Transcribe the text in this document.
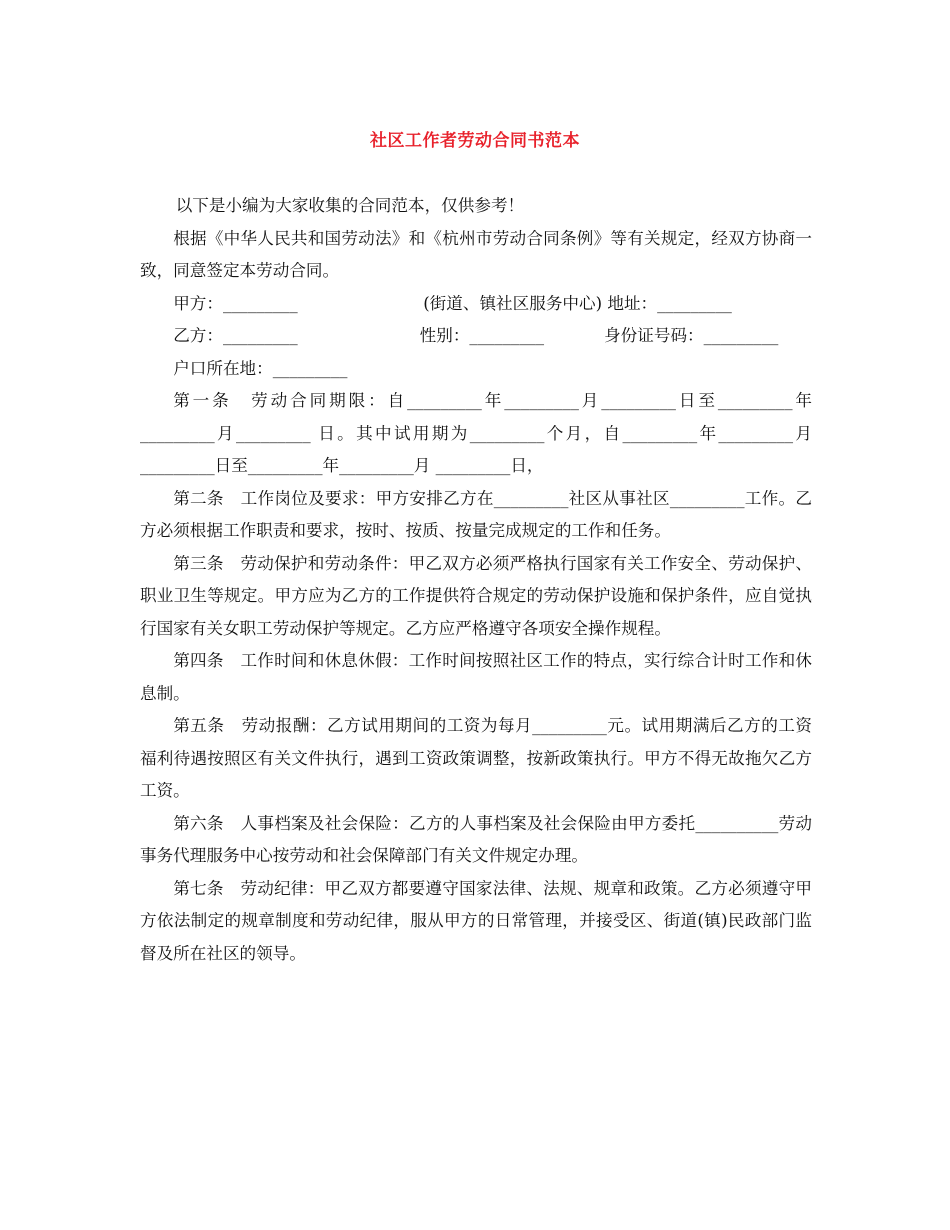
社区工作者劳动合同书范本

以下是小编为大家收集的合同范本，仅供参考！

根据《中华人民共和国劳动法》和《杭州市劳动合同条例》等有关规定，经双方协商一致，同意签定本劳动合同。

甲方：_________	(街道、镇社区服务中心) 地址：_________

乙方：_________	性别：_________	身份证号码：_________

户口所在地：_________

第一条　劳动合同期限：自_________年_________月_________日至_________年_________月_________ 日。其中试用期为_________个月，自_________年_________月_________日至_________年_________月 _________日，

第二条　工作岗位及要求：甲方安排乙方在_________社区从事社区_________工作。乙方必须根据工作职责和要求，按时、按质、按量完成规定的工作和任务。

第三条　劳动保护和劳动条件：甲乙双方必须严格执行国家有关工作安全、劳动保护、职业卫生等规定。甲方应为乙方的工作提供符合规定的劳动保护设施和保护条件，应自觉执行国家有关女职工劳动保护等规定。乙方应严格遵守各项安全操作规程。

第四条　工作时间和休息休假：工作时间按照社区工作的特点，实行综合计时工作和休息制。

第五条　劳动报酬：乙方试用期间的工资为每月_________元。试用期满后乙方的工资福利待遇按照区有关文件执行，遇到工资政策调整，按新政策执行。甲方不得无故拖欠乙方工资。

第六条　人事档案及社会保险：乙方的人事档案及社会保险由甲方委托__________劳动事务代理服务中心按劳动和社会保障部门有关文件规定办理。

第七条　劳动纪律：甲乙双方都要遵守国家法律、法规、规章和政策。乙方必须遵守甲方依法制定的规章制度和劳动纪律，服从甲方的日常管理，并接受区、街道(镇)民政部门监督及所在社区的领导。
